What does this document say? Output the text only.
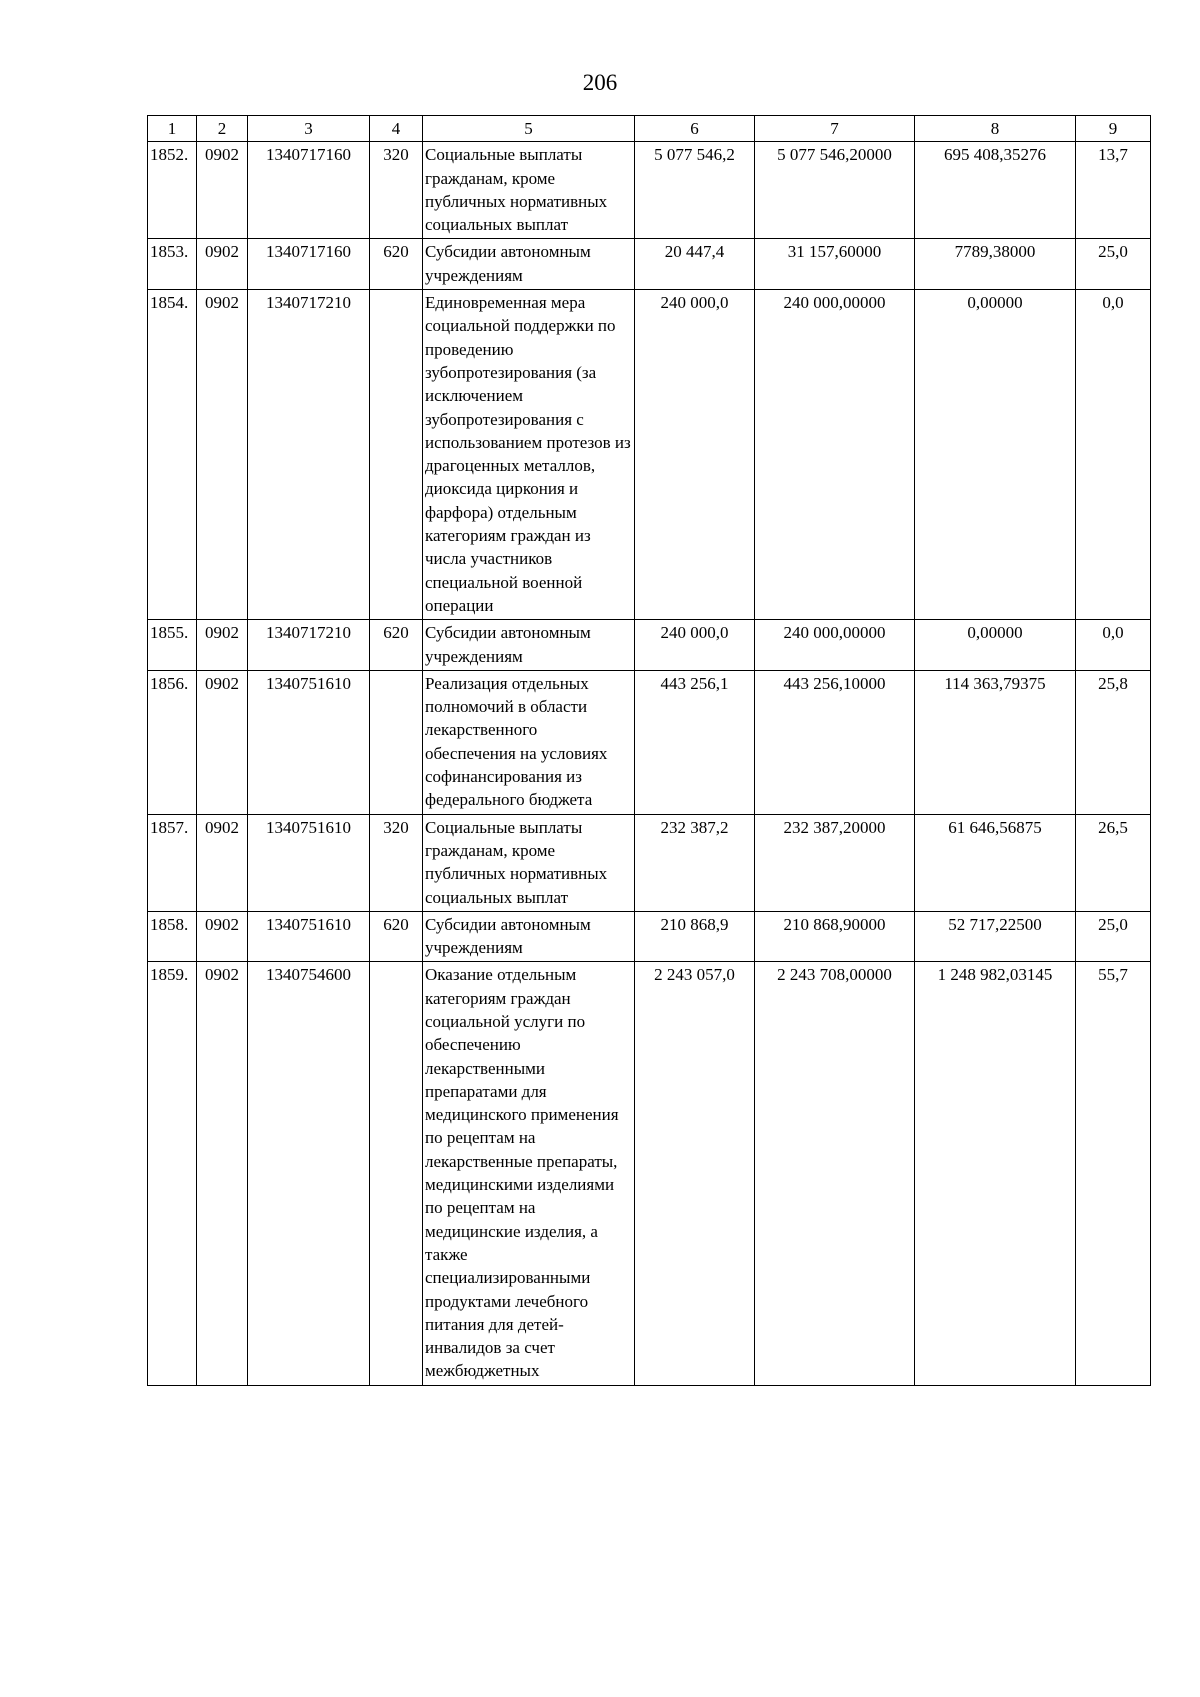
206
1	2	3	4	5	6	7	8	9
1852.	0902	1340717160	320	Социальные выплаты гражданам, кроме публичных нормативных социальных выплат	5 077 546,2	5 077 546,20000	695 408,35276	13,7
1853.	0902	1340717160	620	Субсидии автономным учреждениям	20 447,4	31 157,60000	7789,38000	25,0
1854.	0902	1340717210		Единовременная мера социальной поддержки по проведению зубопротезирования (за исключением зубопротезирования с использованием протезов из драгоценных металлов, диоксида циркония и фарфора) отдельным категориям граждан из числа участников специальной военной операции	240 000,0	240 000,00000	0,00000	0,0
1855.	0902	1340717210	620	Субсидии автономным учреждениям	240 000,0	240 000,00000	0,00000	0,0
1856.	0902	1340751610		Реализация отдельных полномочий в области лекарственного обеспечения на условиях софинансирования из федерального бюджета	443 256,1	443 256,10000	114 363,79375	25,8
1857.	0902	1340751610	320	Социальные выплаты гражданам, кроме публичных нормативных социальных выплат	232 387,2	232 387,20000	61 646,56875	26,5
1858.	0902	1340751610	620	Субсидии автономным учреждениям	210 868,9	210 868,90000	52 717,22500	25,0
1859.	0902	1340754600		Оказание отдельным категориям граждан социальной услуги по обеспечению лекарственными препаратами для медицинского применения по рецептам на лекарственные препараты, медицинскими изделиями по рецептам на медицинские изделия, а также специализированными продуктами лечебного питания для детей-инвалидов за счет межбюджетных	2 243 057,0	2 243 708,00000	1 248 982,03145	55,7
